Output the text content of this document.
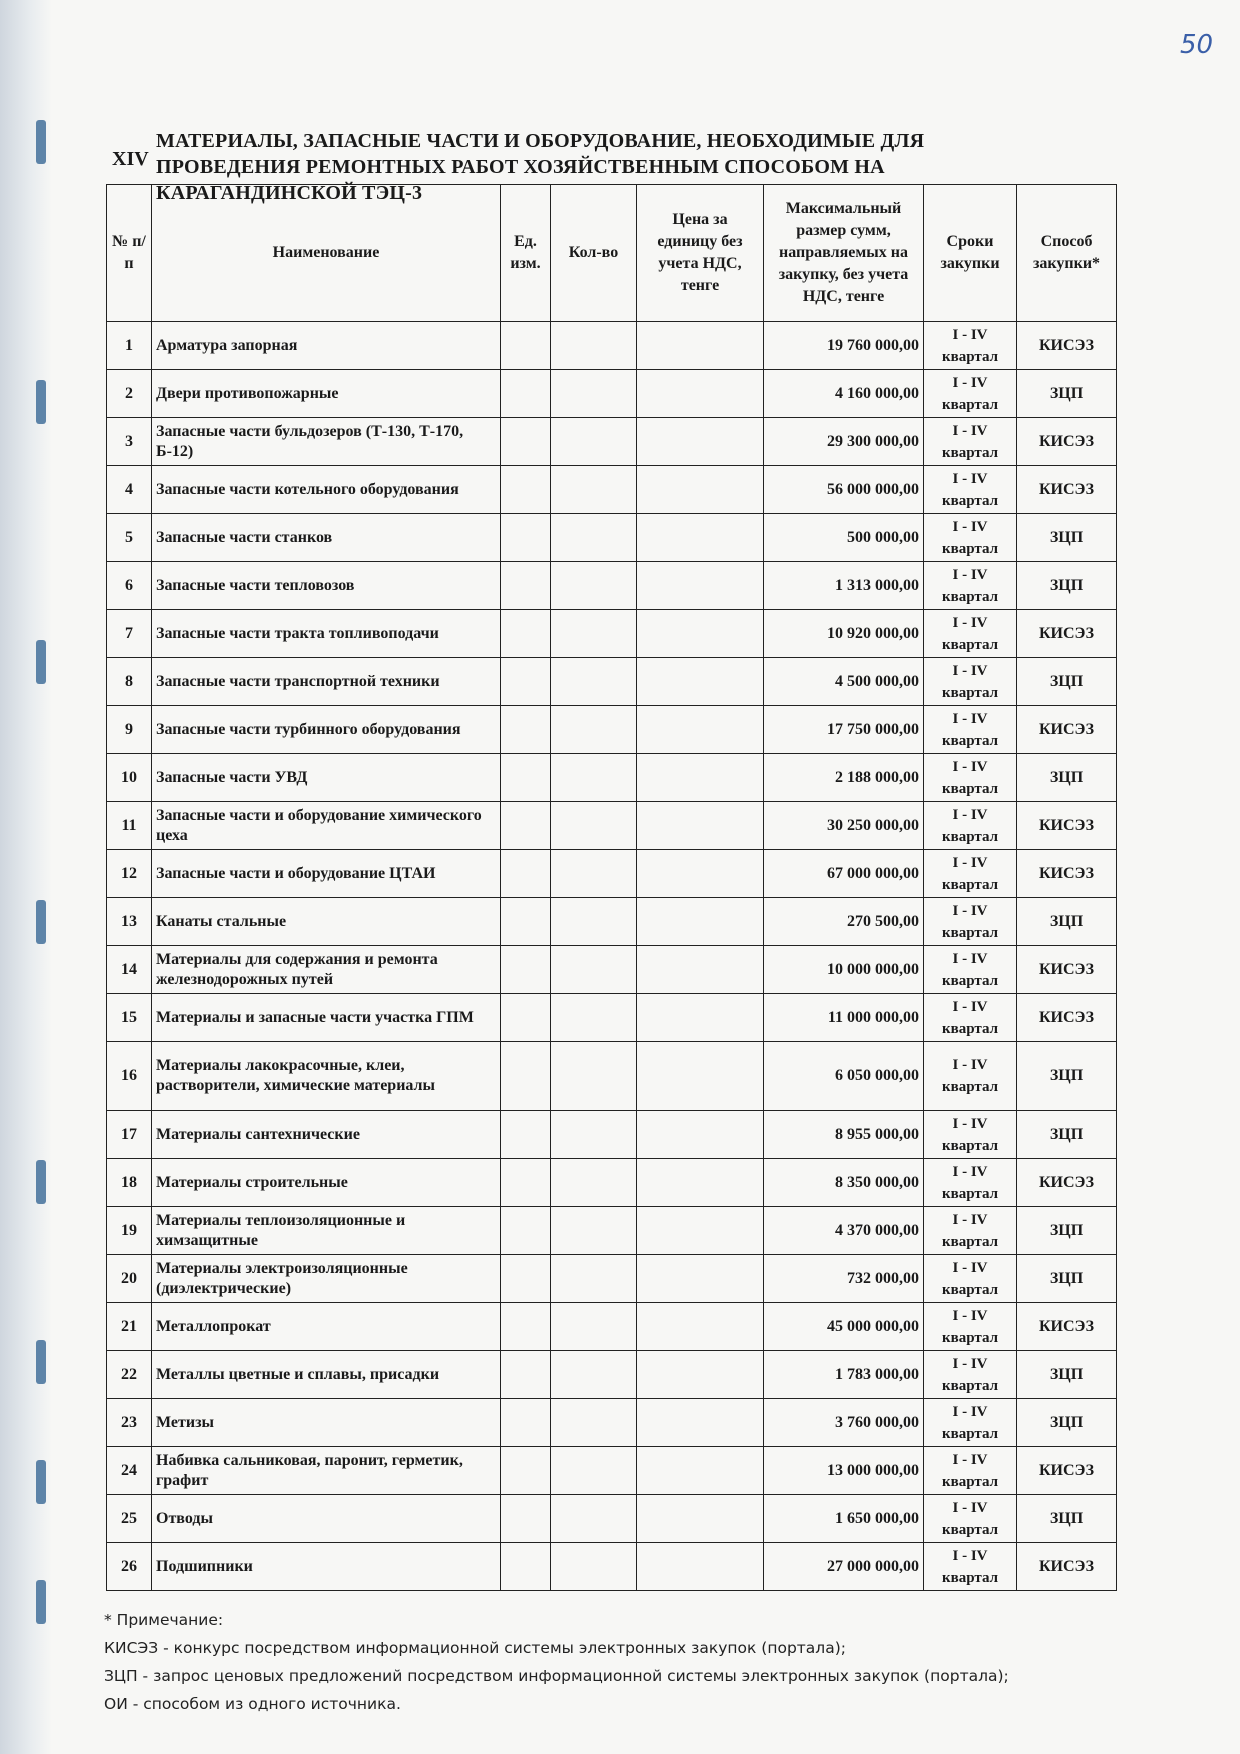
50
XIV
МАТЕРИАЛЫ, ЗАПАСНЫЕ ЧАСТИ И ОБОРУДОВАНИЕ, НЕОБХОДИМЫЕ ДЛЯ ПРОВЕДЕНИЯ РЕМОНТНЫХ РАБОТ ХОЗЯЙСТВЕННЫМ СПОСОБОМ НА КАРАГАНДИНСКОЙ ТЭЦ-3
№ п/п	Наименование	Ед. изм.	Кол-во	Цена за единицу без учета НДС, тенге	Максимальный размер сумм, направляемых на закупку, без учета НДС, тенге	Сроки закупки	Способ закупки*
1	Арматура запорная				19 760 000,00	I - IV квартал	КИСЭЗ
2	Двери противопожарные				4 160 000,00	I - IV квартал	ЗЦП
3	Запасные части бульдозеров (Т-130, Т-170, Б-12)				29 300 000,00	I - IV квартал	КИСЭЗ
4	Запасные части котельного оборудования				56 000 000,00	I - IV квартал	КИСЭЗ
5	Запасные части станков				500 000,00	I - IV квартал	ЗЦП
6	Запасные части тепловозов				1 313 000,00	I - IV квартал	ЗЦП
7	Запасные части тракта топливоподачи				10 920 000,00	I - IV квартал	КИСЭЗ
8	Запасные части транспортной техники				4 500 000,00	I - IV квартал	ЗЦП
9	Запасные части турбинного оборудования				17 750 000,00	I - IV квартал	КИСЭЗ
10	Запасные части УВД				2 188 000,00	I - IV квартал	ЗЦП
11	Запасные части и оборудование химического цеха				30 250 000,00	I - IV квартал	КИСЭЗ
12	Запасные части и оборудование ЦТАИ				67 000 000,00	I - IV квартал	КИСЭЗ
13	Канаты стальные				270 500,00	I - IV квартал	ЗЦП
14	Материалы для содержания и ремонта железнодорожных путей				10 000 000,00	I - IV квартал	КИСЭЗ
15	Материалы и запасные части участка ГПМ				11 000 000,00	I - IV квартал	КИСЭЗ
16	Материалы лакокрасочные, клеи, растворители, химические материалы				6 050 000,00	I - IV квартал	ЗЦП
17	Материалы сантехнические				8 955 000,00	I - IV квартал	ЗЦП
18	Материалы строительные				8 350 000,00	I - IV квартал	КИСЭЗ
19	Материалы теплоизоляционные и химзащитные				4 370 000,00	I - IV квартал	ЗЦП
20	Материалы электроизоляционные (диэлектрические)				732 000,00	I - IV квартал	ЗЦП
21	Металлопрокат				45 000 000,00	I - IV квартал	КИСЭЗ
22	Металлы цветные и сплавы, присадки				1 783 000,00	I - IV квартал	ЗЦП
23	Метизы				3 760 000,00	I - IV квартал	ЗЦП
24	Набивка сальниковая, паронит, герметик, графит				13 000 000,00	I - IV квартал	КИСЭЗ
25	Отводы				1 650 000,00	I - IV квартал	ЗЦП
26	Подшипники				27 000 000,00	I - IV квартал	КИСЭЗ
* Примечание:
КИСЭЗ - конкурс посредством информационной системы электронных закупок (портала);
ЗЦП - запрос ценовых предложений посредством информационной системы электронных закупок (портала);
ОИ - способом из одного источника.
